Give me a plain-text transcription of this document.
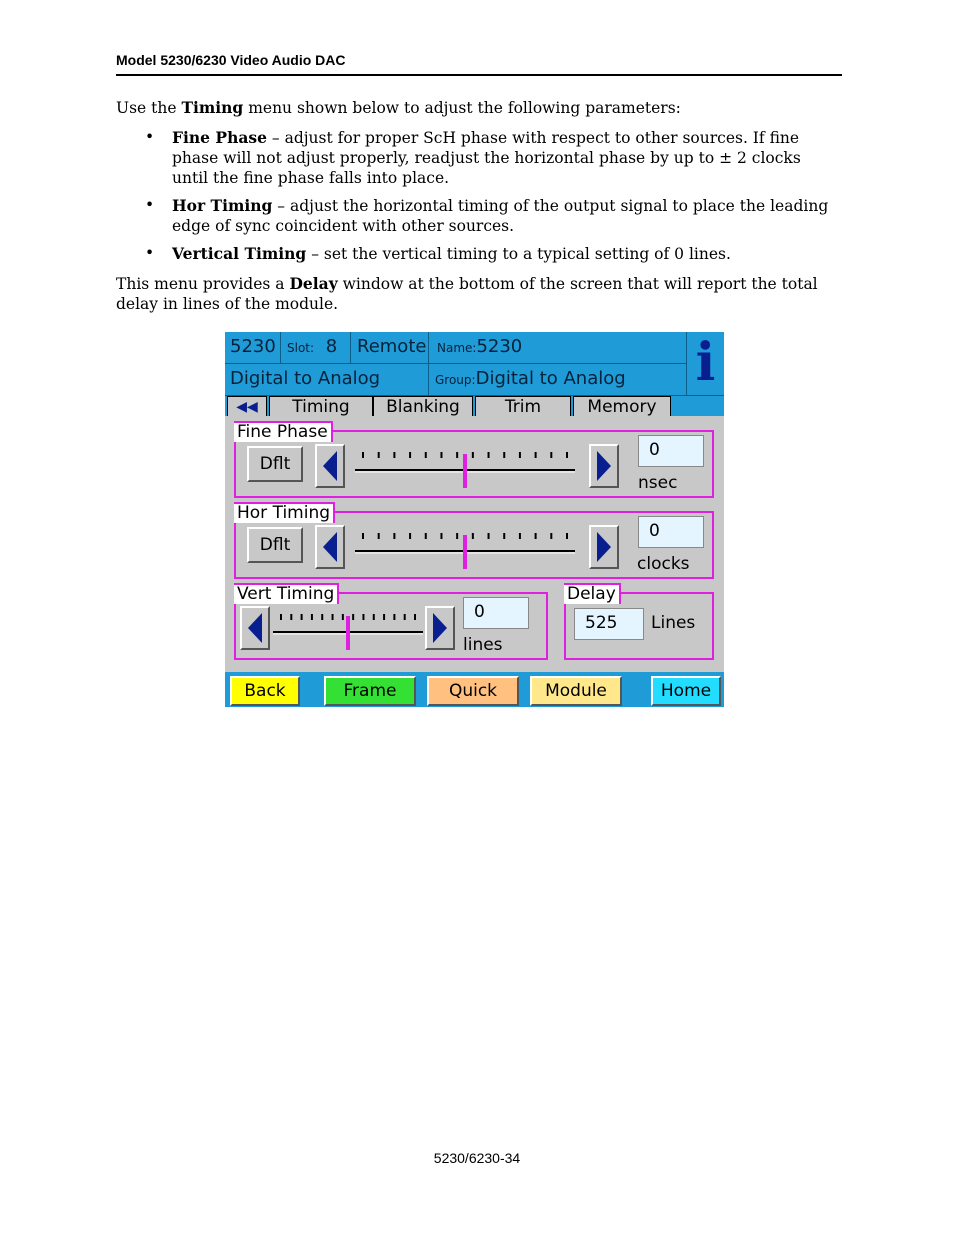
Model 5230/6230 Video Audio DAC
Use the Timing menu shown below to adjust the following parameters:
• Fine Phase – adjust for proper ScH phase with respect to other sources. If fine phase will not adjust properly, readjust the horizontal phase by up to ± 2 clocks until the fine phase falls into place.
• Hor Timing – adjust the horizontal timing of the output signal to place the leading edge of sync coincident with other sources.
• Vertical Timing – set the vertical timing to a typical setting of 0 lines.
This menu provides a Delay window at the bottom of the screen that will report the total delay in lines of the module.
5230 Slot: 8	Remote Name:5230
Digital to Analog	Group:Digital to Analog	i
◀◀	Timing	Blanking	Trim	Memory
Fine Phase
Dflt
0
nsec
Hor Timing
Dflt
0
clocks
Vert Timing
0
lines
Delay
525	Lines
Back	Frame	Quick	Module	Home
5230/6230-34
